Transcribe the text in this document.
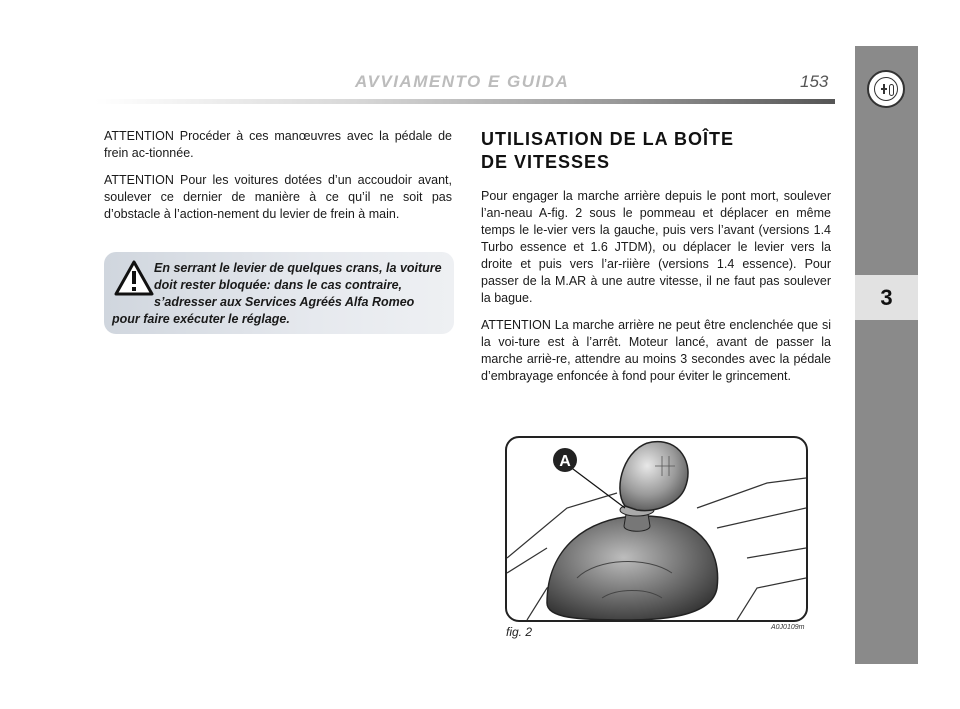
AVVIAMENTO E GUIDA	153
3

ATTENTION Procéder à ces manœuvres avec la pédale de frein ac-tionnée.

ATTENTION Pour les voitures dotées d’un accoudoir avant, soulever ce dernier de manière à ce qu’il ne soit pas d’obstacle à l’action-nement du levier de frein à main.

En serrant le levier de quelques crans, la voiture doit rester bloquée: dans le cas contraire, s’adresser aux Services Agréés Alfa Romeo pour faire exécuter le réglage.
UTILISATION DE LA BOÎTE
DE VITESSES

Pour engager la marche arrière depuis le pont mort, soulever l’an-neau A-fig. 2 sous le pommeau et déplacer en même temps le le-vier vers la gauche, puis vers l’avant (versions 1.4 Turbo essence et 1.6 JTDM), ou déplacer le levier vers la droite et puis vers l’ar-riière (versions 1.4 essence). Pour passer de la M.AR à une autre vitesse, il ne faut pas soulever la bague.

ATTENTION La marche arrière ne peut être enclenchée que si la voi-ture est à l’arrêt. Moteur lancé, avant de passer la marche arriè-re, attendre au moins 3 secondes avec la pédale d’embrayage enfoncée à fond pour éviter le grincement.

A
fig. 2	A0J0109m
